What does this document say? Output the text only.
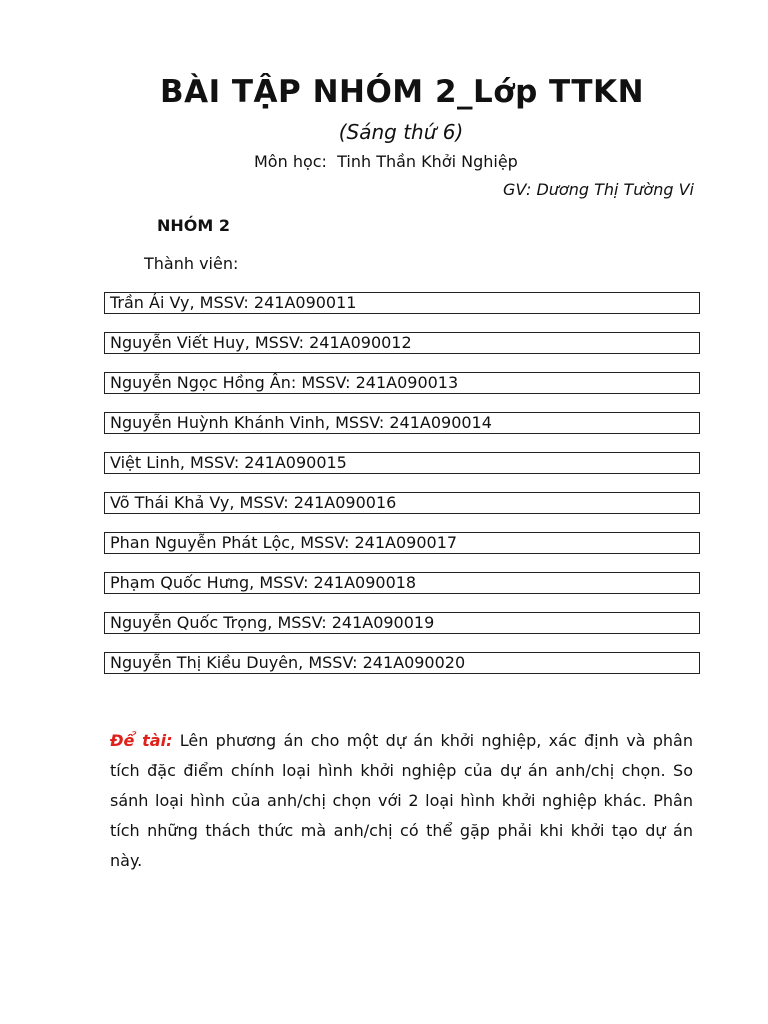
BÀI TẬP NHÓM 2_Lớp TTKN

(Sáng thứ 6)

Môn học:  Tinh Thần Khởi Nghiệp

GV: Dương Thị Tường Vi

NHÓM 2

Thành viên:

Trần Ái Vy, MSSV: 241A090011
Nguyễn Viết Huy, MSSV: 241A090012
Nguyễn Ngọc Hồng Ân: MSSV: 241A090013
Nguyễn Huỳnh Khánh Vinh, MSSV: 241A090014
Việt Linh, MSSV: 241A090015
Võ Thái Khả Vy, MSSV: 241A090016
Phan Nguyễn Phát Lộc, MSSV: 241A090017
Phạm Quốc Hưng, MSSV: 241A090018
Nguyễn Quốc Trọng, MSSV: 241A090019
Nguyễn Thị Kiều Duyên, MSSV: 241A090020

Để tài: Lên phương án cho một dự án khởi nghiệp, xác định và phân tích đặc điểm chính loại hình khởi nghiệp của dự án anh/chị chọn. So sánh loại hình của anh/chị chọn với 2 loại hình khởi nghiệp khác. Phân tích những thách thức mà anh/chị có thể gặp phải khi khởi tạo dự án này.
